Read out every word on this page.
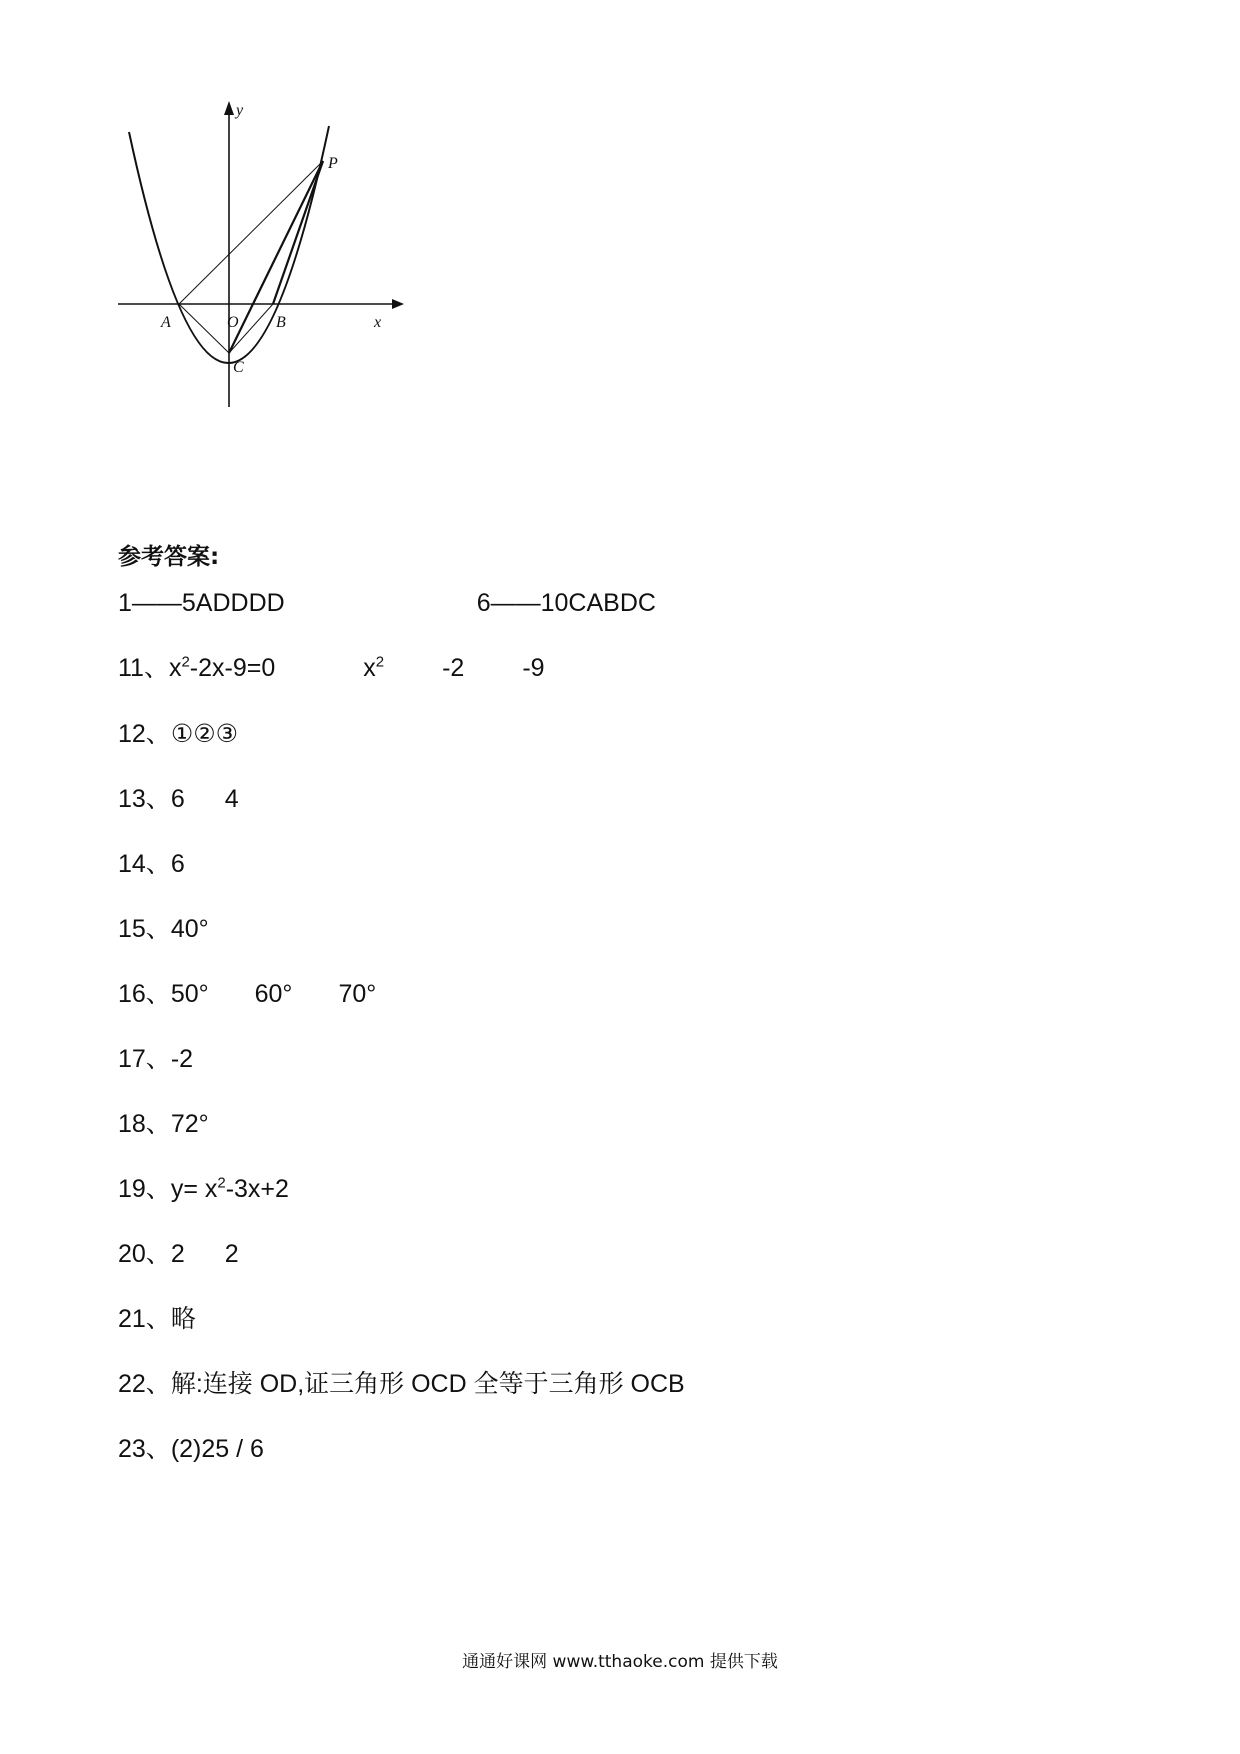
y
P
A	O B	x
C
参考答案:
1——5ADDDD	6——10CABDC
11、$x^2-2x-9=0$	$x^2$ -2 -9
12、①②③
13、6 4
14、6
15、40°
16、50° 60° 70°
17、-2
18、72°
19、$y= x^2-3x+2$
20、2 2
21、略
22、解:连接 OD,证三角形 OCD 全等于三角形 OCB
23、(2)25 / 6
通通好课网 www.tthaoke.com 提供下载
